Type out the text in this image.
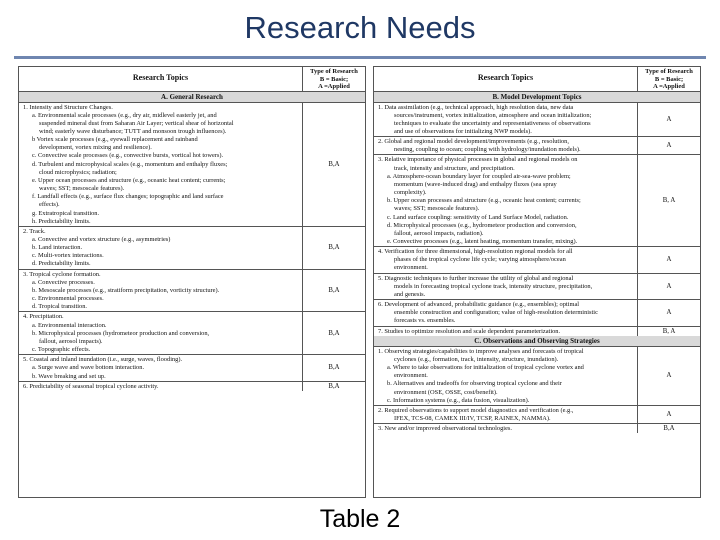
Research Needs
Research Topics
Type of Research
B = Basic;
A =Applied
A. General Research
1. Intensity and Structure Changes.
a. Environmental scale processes (e.g., dry air, midlevel easterly jet, and
suspended mineral dust from Saharan Air Layer; vertical shear of horizontal
wind; easterly wave disturbance; TUTT and monsoon trough influences).
b Vortex scale processes (e.g., eyewall replacement and rainband
development, vortex mixing and resilience).
c. Convective scale processes (e.g., convective bursts, vortical hot towers).
d. Turbulent and microphysical scales (e.g., momentum and enthalpy fluxes;
cloud microphysics; radiation;
e. Upper ocean processes and structure (e.g., oceanic heat content; currents;
waves; SST; mesoscale features).
f. Landfall effects (e.g., surface flux changes; topographic and land surface
effects).
g. Extratropical transition.
h. Predictability limits.
B,A
2. Track.
a. Convective and vortex structure (e.g., asymmetries)
b. Land interaction.
c. Multi-vortex interactions.
d. Predictability limits.
B,A
3. Tropical cyclone formation.
a. Convective processes.
b. Mesoscale processes (e.g., stratiform precipitation, vorticity structure).
c. Environmental processes.
d. Tropical transition.
B,A
4. Precipitation.
a. Environmental interaction.
b. Microphysical processes (hydrometeor production and conversion,
fallout, aerosol impacts).
c. Topographic effects.
B,A
5. Coastal and inland inundation (i.e., surge, waves, flooding).
a. Surge wave and wave bottom interaction.
b. Wave breaking and set up.
B,A
6. Predictability of seasonal tropical cyclone activity.	B,A
Research Topics
Type of Research
B = Basic;
A =Applied
B. Model Development Topics
1. Data assimilation (e.g., technical approach, high resolution data, new data
sources/instrument, vortex initialization, atmosphere and ocean initialization;
techniques to evaluate the uncertainty and representativeness of observations
and use of observations for initializing NWP models).
A
2. Global and regional model development/improvements (e.g., resolution,
nesting, coupling to ocean; coupling with hydrology/inundation models).
A
3. Relative importance of physical processes in global and regional models on
track, intensity and structure, and precipitation.
a. Atmosphere-ocean boundary layer for coupled air-sea-wave problem;
momentum (wave-induced drag) and enthalpy fluxes (sea spray
complexity).
b. Upper ocean processes and structure (e.g., oceanic heat content; currents;
waves; SST; mesoscale features).
c. Land surface coupling: sensitivity of Land Surface Model, radiation.
d. Microphysical processes (e.g., hydrometeor production and conversion,
fallout, aerosol impacts, radiation).
e. Convective processes (e.g., latent heating, momentum transfer, mixing).
B, A
4. Verification for three dimensional, high-resolution regional models for all
phases of the tropical cyclone life cycle; varying atmosphere/ocean
environment.
A
5. Diagnostic techniques to further increase the utility of global and regional
models in forecasting tropical cyclone track, intensity structure, precipitation,
and genesis.
A
6. Development of advanced, probabilistic guidance (e.g., ensembles); optimal
ensemble construction and configuration; value of high-resolution deterministic
forecasts vs. ensembles.
A
7. Studies to optimize resolution and scale dependent parameterization.	B, A
C. Observations and Observing Strategies
1. Observing strategies/capabilities to improve analyses and forecasts of tropical
cyclones (e.g., formation, track, intensity, structure, inundation).
a. Where to take observations for initialization of tropical cyclone vortex and
environment.
b. Alternatives and tradeoffs for observing tropical cyclone and their
environment (OSE, OSSE, cost/benefit).
c. Information systems (e.g., data fusion, visualization).
A
2. Required observations to support model diagnostics and verification (e.g.,
IFEX, TCS-08, CAMEX III/IV, TCSP, RAINEX, NAMMA).
A
3. New and/or improved observational technologies.	B,A
Table 2
